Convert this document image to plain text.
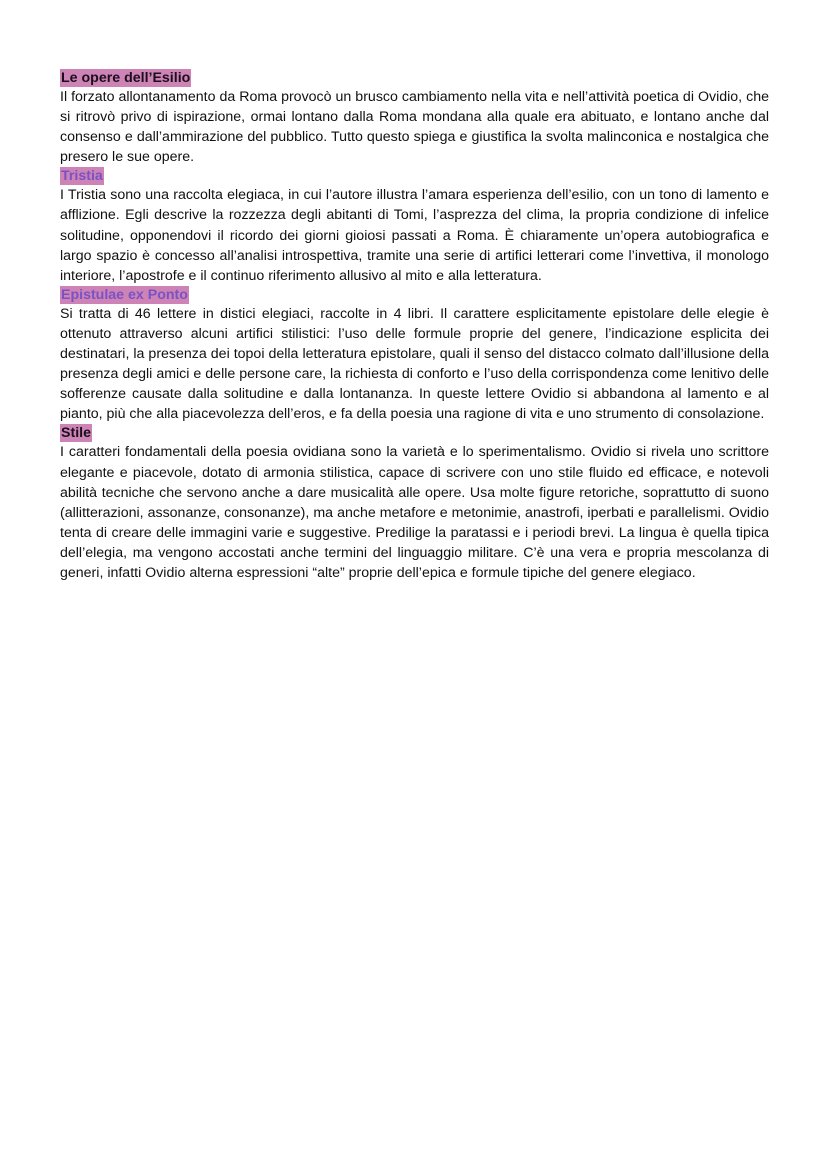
Le opere dell’Esilio

Il forzato allontanamento da Roma provocò un brusco cambiamento nella vita e nell’attività poetica di Ovidio, che si ritrovò privo di ispirazione, ormai lontano dalla Roma mondana alla quale era abituato, e lontano anche dal consenso e dall’ammirazione del pubblico. Tutto questo spiega e giustifica la svolta malinconica e nostalgica che presero le sue opere.

Tristia

I Tristia sono una raccolta elegiaca, in cui l’autore illustra l’amara esperienza dell’esilio, con un tono di lamento e afflizione. Egli descrive la rozzezza degli abitanti di Tomi, l’asprezza del clima, la propria condizione di infelice solitudine, opponendovi il ricordo dei giorni gioiosi passati a Roma. È chiaramente un’opera autobiografica e largo spazio è concesso all’analisi introspettiva, tramite una serie di artifici letterari come l’invettiva, il monologo interiore, l’apostrofe e il continuo riferimento allusivo al mito e alla letteratura.

Epistulae ex Ponto

Si tratta di 46 lettere in distici elegiaci, raccolte in 4 libri. Il carattere esplicitamente epistolare delle elegie è ottenuto attraverso alcuni artifici stilistici: l’uso delle formule proprie del genere, l’indicazione esplicita dei destinatari, la presenza dei topoi della letteratura epistolare, quali il senso del distacco colmato dall’illusione della presenza degli amici e delle persone care, la richiesta di conforto e l’uso della corrispondenza come lenitivo delle sofferenze causate dalla solitudine e dalla lontananza. In queste lettere Ovidio si abbandona al lamento e al pianto, più che alla piacevolezza dell’eros, e fa della poesia una ragione di vita e uno strumento di consolazione.

Stile

I caratteri fondamentali della poesia ovidiana sono la varietà e lo sperimentalismo. Ovidio si rivela uno scrittore elegante e piacevole, dotato di armonia stilistica, capace di scrivere con uno stile fluido ed efficace, e notevoli abilità tecniche che servono anche a dare musicalità alle opere. Usa molte figure retoriche, soprattutto di suono (allitterazioni, assonanze, consonanze), ma anche metafore e metonimie, anastrofi, iperbati e parallelismi. Ovidio tenta di creare delle immagini varie e suggestive. Predilige la paratassi e i periodi brevi. La lingua è quella tipica dell’elegia, ma vengono accostati anche termini del linguaggio militare. C’è una vera e propria mescolanza di generi, infatti Ovidio alterna espressioni “alte” proprie dell’epica e formule tipiche del genere elegiaco.
